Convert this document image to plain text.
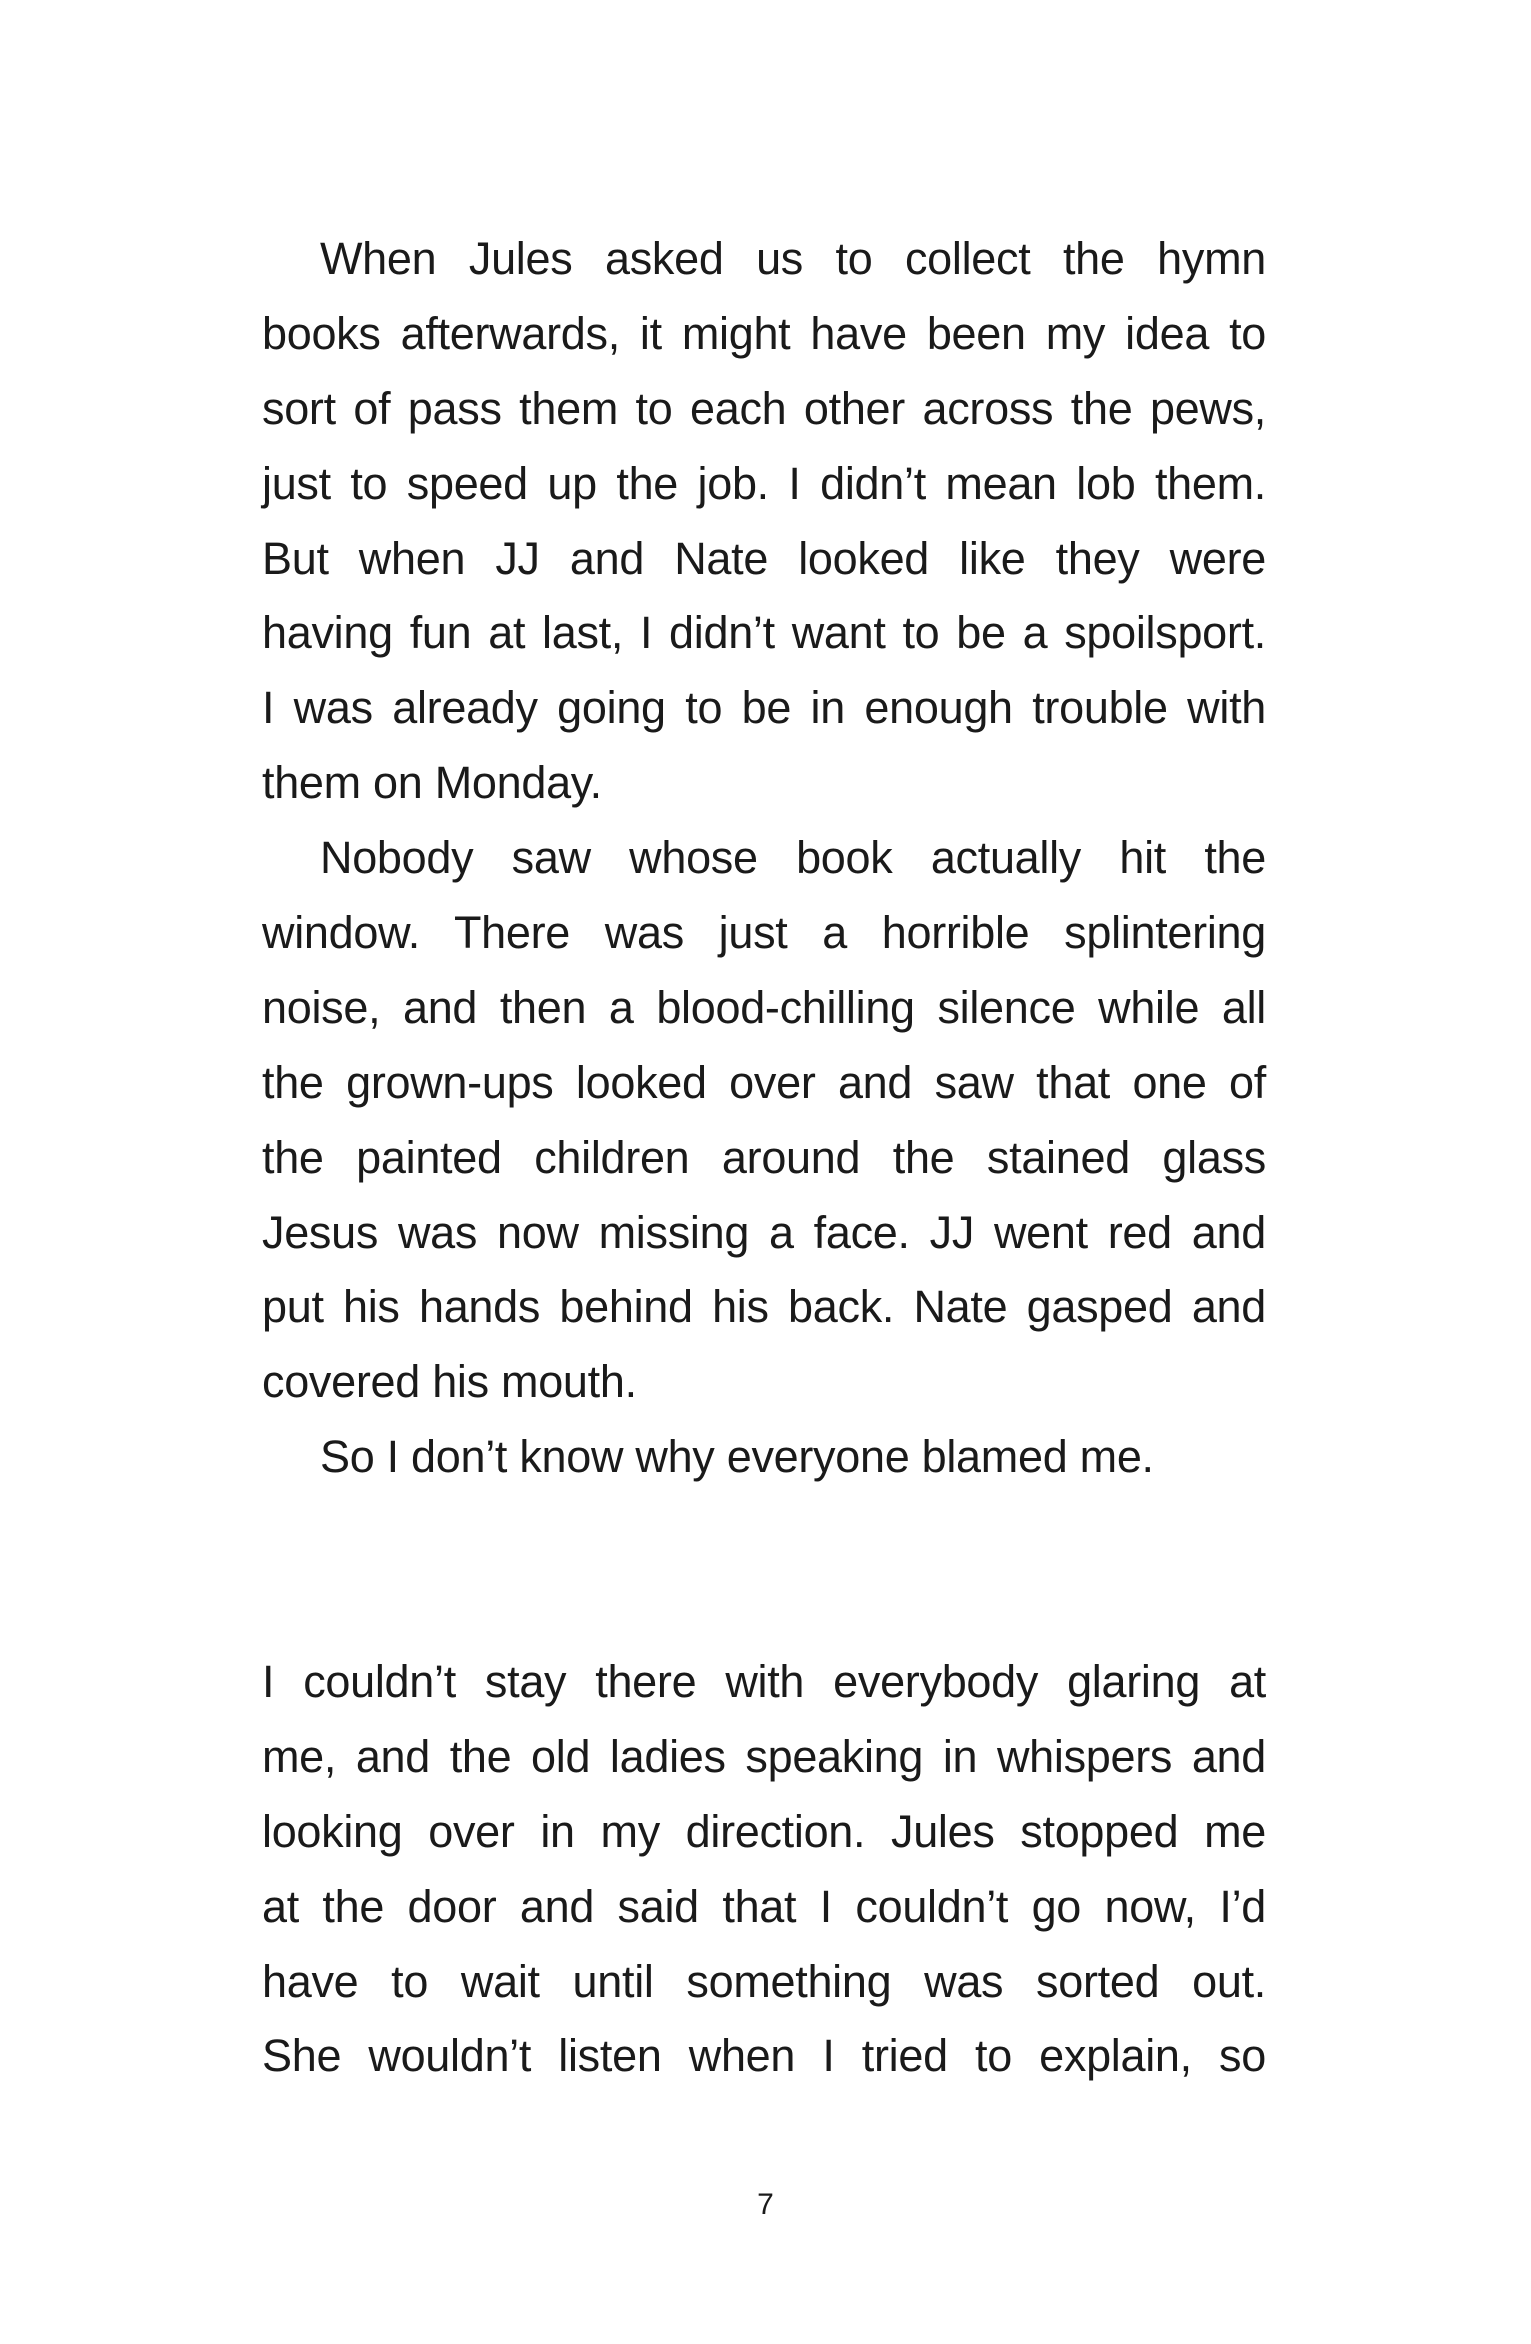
When Jules asked us to collect the hymn
books afterwards, it might have been my idea to
sort of pass them to each other across the pews,
just to speed up the job. I didn’t mean lob them.
But when JJ and Nate looked like they were
having fun at last, I didn’t want to be a spoilsport.
I was already going to be in enough trouble with
them on Monday.
Nobody saw whose book actually hit the
window. There was just a horrible splintering
noise, and then a blood-chilling silence while all
the grown-ups looked over and saw that one of
the painted children around the stained glass
Jesus was now missing a face. JJ went red and
put his hands behind his back. Nate gasped and
covered his mouth.
So I don’t know why everyone blamed me.
I couldn’t stay there with everybody glaring at
me, and the old ladies speaking in whispers and
looking over in my direction. Jules stopped me
at the door and said that I couldn’t go now, I’d
have to wait until something was sorted out.
She wouldn’t listen when I tried to explain, so
7
